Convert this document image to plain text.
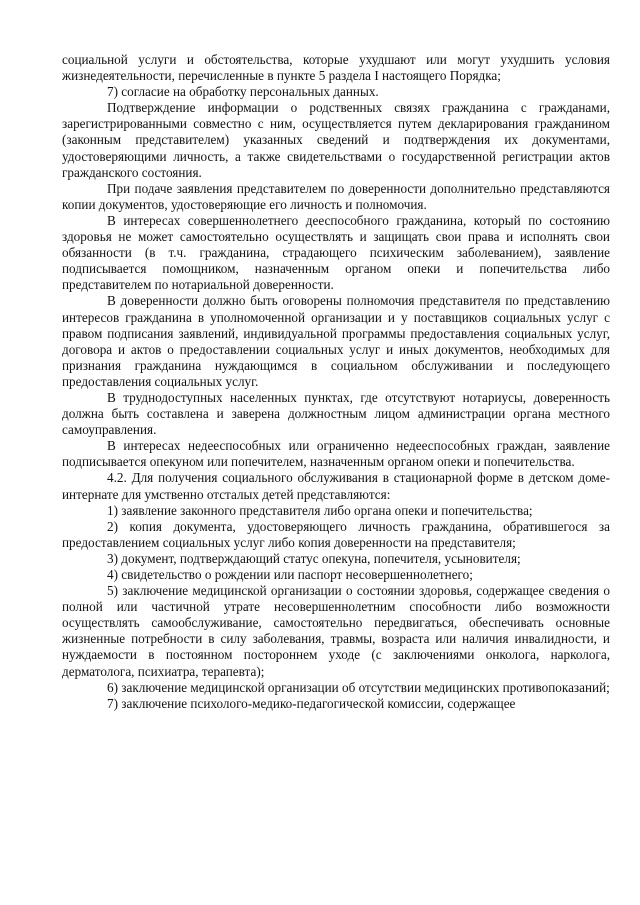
социальной услуги и обстоятельства, которые ухудшают или могут ухудшить условия жизнедеятельности, перечисленные в пункте 5 раздела I настоящего Порядка;

7) согласие на обработку персональных данных.

Подтверждение информации о родственных связях гражданина с гражданами, зарегистрированными совместно с ним, осуществляется путем декларирования гражданином (законным представителем) указанных сведений и подтверждения их документами, удостоверяющими личность, а также свидетельствами о государственной регистрации актов гражданского состояния.

При подаче заявления представителем по доверенности дополнительно представляются копии документов, удостоверяющие его личность и полномочия.

В интересах совершеннолетнего дееспособного гражданина, который по состоянию здоровья не может самостоятельно осуществлять и защищать свои права и исполнять свои обязанности (в т.ч. гражданина, страдающего психическим заболеванием), заявление подписывается помощником, назначенным органом опеки и попечительства либо представителем по нотариальной доверенности.

В доверенности должно быть оговорены полномочия представителя по представлению интересов гражданина в уполномоченной организации и у поставщиков социальных услуг с правом подписания заявлений, индивидуальной программы предоставления социальных услуг, договора и актов о предоставлении социальных услуг и иных документов, необходимых для признания гражданина нуждающимся в социальном обслуживании и последующего предоставления социальных услуг.

В труднодоступных населенных пунктах, где отсутствуют нотариусы, доверенность должна быть составлена и заверена должностным лицом администрации органа местного самоуправления.

В интересах недееспособных или ограниченно недееспособных граждан, заявление подписывается опекуном или попечителем, назначенным органом опеки и попечительства.

4.2. Для получения социального обслуживания в стационарной форме в детском доме-интернате для умственно отсталых детей представляются:

1) заявление законного представителя либо органа опеки и попечительства;

2) копия документа, удостоверяющего личность гражданина, обратившегося за предоставлением социальных услуг либо копия доверенности на представителя;

3) документ, подтверждающий статус опекуна, попечителя, усыновителя;

4) свидетельство о рождении или паспорт несовершеннолетнего;

5) заключение медицинской организации о состоянии здоровья, содержащее сведения о полной или частичной утрате несовершеннолетним способности либо возможности осуществлять самообслуживание, самостоятельно передвигаться, обеспечивать основные жизненные потребности в силу заболевания, травмы, возраста или наличия инвалидности, и нуждаемости в постоянном постороннем уходе (с заключениями онколога, нарколога, дерматолога, психиатра, терапевта);

6) заключение медицинской организации об отсутствии медицинских противопоказаний;

7) заключение психолого-медико-педагогической комиссии, содержащее
